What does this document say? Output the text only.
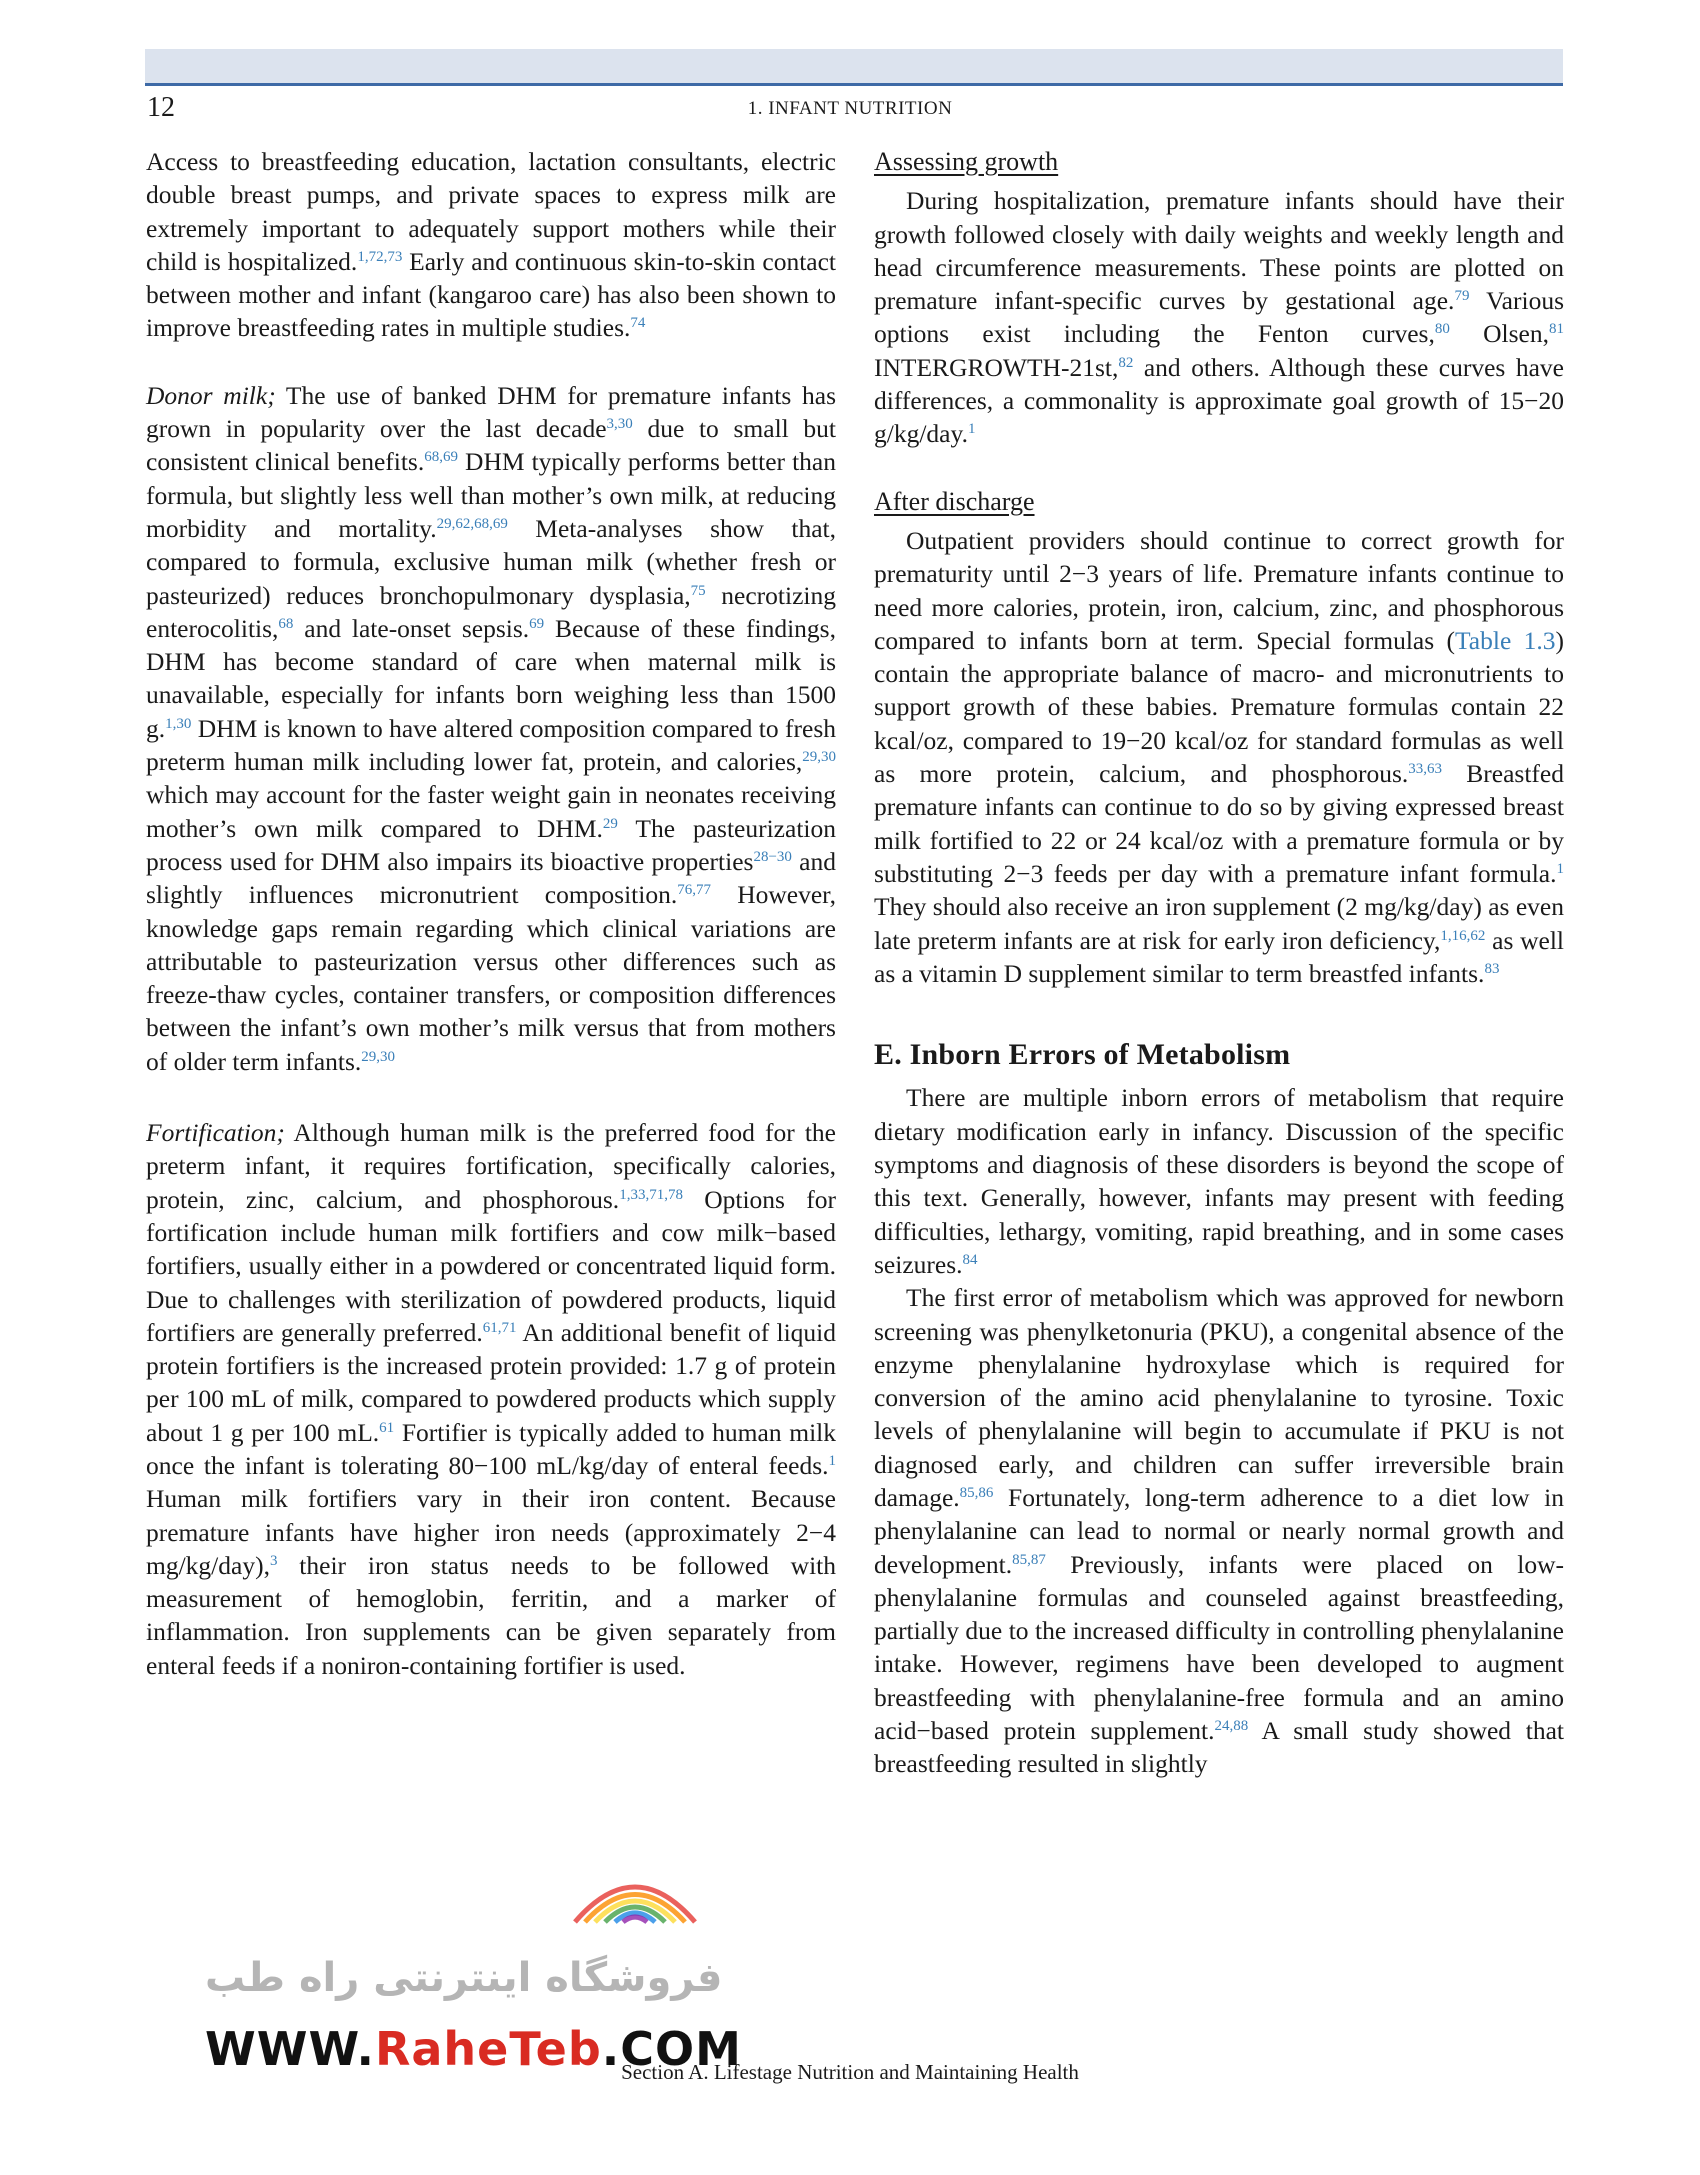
12	1. INFANT NUTRITION

Access to breastfeeding education, lactation consultants, electric double breast pumps, and private spaces to express milk are extremely important to adequately support mothers while their child is hospitalized.$^{1,72,73}$ Early and continuous skin-to-skin contact between mother and infant (kangaroo care) has also been shown to improve breastfeeding rates in multiple studies.$^{74}$

Donor milk; The use of banked DHM for premature infants has grown in popularity over the last decade$^{3,30}$ due to small but consistent clinical benefits.$^{68,69}$ DHM typically performs better than formula, but slightly less well than mother’s own milk, at reducing morbidity and mortality.$^{29,62,68,69}$ Meta-analyses show that, compared to formula, exclusive human milk (whether fresh or pasteurized) reduces bronchopulmonary dysplasia,$^{75}$ necrotizing enterocolitis,$^{68}$ and late-onset sepsis.$^{69}$ Because of these findings, DHM has become standard of care when maternal milk is unavailable, especially for infants born weighing less than 1500 g.$^{1,30}$ DHM is known to have altered composition compared to fresh preterm human milk including lower fat, protein, and calories,$^{29,30}$ which may account for the faster weight gain in neonates receiving mother’s own milk compared to DHM.$^{29}$ The pasteurization process used for DHM also impairs its bioactive properties$^{28-30}$ and slightly influences micronutrient composition.$^{76,77}$ However, knowledge gaps remain regarding which clinical variations are attributable to pasteurization versus other differences such as freeze-thaw cycles, container transfers, or composition differences between the infant’s own mother’s milk versus that from mothers of older term infants.$^{29,30}$

Fortification; Although human milk is the preferred food for the preterm infant, it requires fortification, specifically calories, protein, zinc, calcium, and phosphorous.$^{1,33,71,78}$ Options for fortification include human milk fortifiers and cow milk−based fortifiers, usually either in a powdered or concentrated liquid form. Due to challenges with sterilization of powdered products, liquid fortifiers are generally preferred.$^{61,71}$ An additional benefit of liquid protein fortifiers is the increased protein provided: 1.7 g of protein per 100 mL of milk, compared to powdered products which supply about 1 g per 100 mL.$^{61}$ Fortifier is typically added to human milk once the infant is tolerating 80−100 mL/kg/day of enteral feeds.$^1$ Human milk fortifiers vary in their iron content. Because premature infants have higher iron needs (approximately 2−4 mg/kg/day),$^3$ their iron status needs to be followed with measurement of hemoglobin, ferritin, and a marker of inflammation. Iron supplements can be given separately from enteral feeds if a noniron-containing fortifier is used.

Assessing growth

During hospitalization, premature infants should have their growth followed closely with daily weights and weekly length and head circumference measurements. These points are plotted on premature infant-specific curves by gestational age.$^{79}$ Various options exist including the Fenton curves,$^{80}$ Olsen,$^{81}$ INTERGROWTH-21st,$^{82}$ and others. Although these curves have differences, a commonality is approximate goal growth of 15−20 g/kg/day.$^1$

After discharge

Outpatient providers should continue to correct growth for prematurity until 2−3 years of life. Premature infants continue to need more calories, protein, iron, calcium, zinc, and phosphorous compared to infants born at term. Special formulas (Table 1.3) contain the appropriate balance of macro- and micronutrients to support growth of these babies. Premature formulas contain 22 kcal/oz, compared to 19−20 kcal/oz for standard formulas as well as more protein, calcium, and phosphorous.$^{33,63}$ Breastfed premature infants can continue to do so by giving expressed breast milk fortified to 22 or 24 kcal/oz with a premature formula or by substituting 2−3 feeds per day with a premature infant formula.$^1$ They should also receive an iron supplement (2 mg/kg/day) as even late preterm infants are at risk for early iron deficiency,$^{1,16,62}$ as well as a vitamin D supplement similar to term breastfed infants.$^{83}$

E. Inborn Errors of Metabolism

There are multiple inborn errors of metabolism that require dietary modification early in infancy. Discussion of the specific symptoms and diagnosis of these disorders is beyond the scope of this text. Generally, however, infants may present with feeding difficulties, lethargy, vomiting, rapid breathing, and in some cases seizures.$^{84}$

The first error of metabolism which was approved for newborn screening was phenylketonuria (PKU), a congenital absence of the enzyme phenylalanine hydroxylase which is required for conversion of the amino acid phenylalanine to tyrosine. Toxic levels of phenylalanine will begin to accumulate if PKU is not diagnosed early, and children can suffer irreversible brain damage.$^{85,86}$ Fortunately, long-term adherence to a diet low in phenylalanine can lead to normal or nearly normal growth and development.$^{85,87}$ Previously, infants were placed on low-phenylalanine formulas and counseled against breastfeeding, partially due to the increased difficulty in controlling phenylalanine intake. However, regimens have been developed to augment breastfeeding with phenylalanine-free formula and an amino acid−based protein supplement.$^{24,88}$ A small study showed that breastfeeding resulted in slightly

فروشگاه اینترنتی راه طب
WWW.RaheTeb.COM
Section A. Lifestage Nutrition and Maintaining Health
